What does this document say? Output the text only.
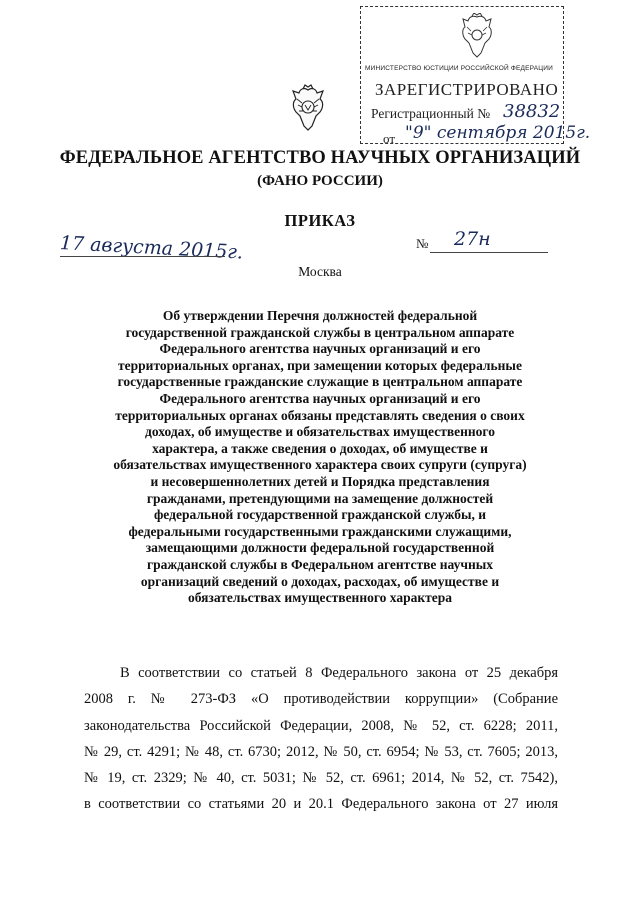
МИНИСТЕРСТВО ЮСТИЦИИ РОССИЙСКОЙ ФЕДЕРАЦИИ
ЗАРЕГИСТРИРОВАНО
Регистрационный № 38832
от "9" сентября 2015г.
ФЕДЕРАЛЬНОЕ АГЕНТСТВО НАУЧНЫХ ОРГАНИЗАЦИЙ
(ФАНО РОССИИ)
ПРИКАЗ
17 августа 2015г.	№ 27н
Москва
Об утверждении Перечня должностей федеральной
государственной гражданской службы в центральном аппарате
Федерального агентства научных организаций и его
территориальных органах, при замещении которых федеральные
государственные гражданские служащие в центральном аппарате
Федерального агентства научных организаций и его
территориальных органах обязаны представлять сведения о своих
доходах, об имуществе и обязательствах имущественного
характера, а также сведения о доходах, об имуществе и
обязательствах имущественного характера своих супруги (супруга)
и несовершеннолетних детей и Порядка представления
гражданами, претендующими на замещение должностей
федеральной государственной гражданской службы, и
федеральными государственными гражданскими служащими,
замещающими должности федеральной государственной
гражданской службы в Федеральном агентстве научных
организаций сведений о доходах, расходах, об имуществе и
обязательствах имущественного характера
В соответствии со статьей 8 Федерального закона от 25 декабря
2008 г. № 273-ФЗ «О противодействии коррупции» (Собрание
законодательства Российской Федерации, 2008, № 52, ст. 6228; 2011,
№ 29, ст. 4291; № 48, ст. 6730; 2012, № 50, ст. 6954; № 53, ст. 7605; 2013,
№ 19, ст. 2329; № 40, ст. 5031; № 52, ст. 6961; 2014, № 52, ст. 7542),
в соответствии со статьями 20 и 20.1 Федерального закона от 27 июля
